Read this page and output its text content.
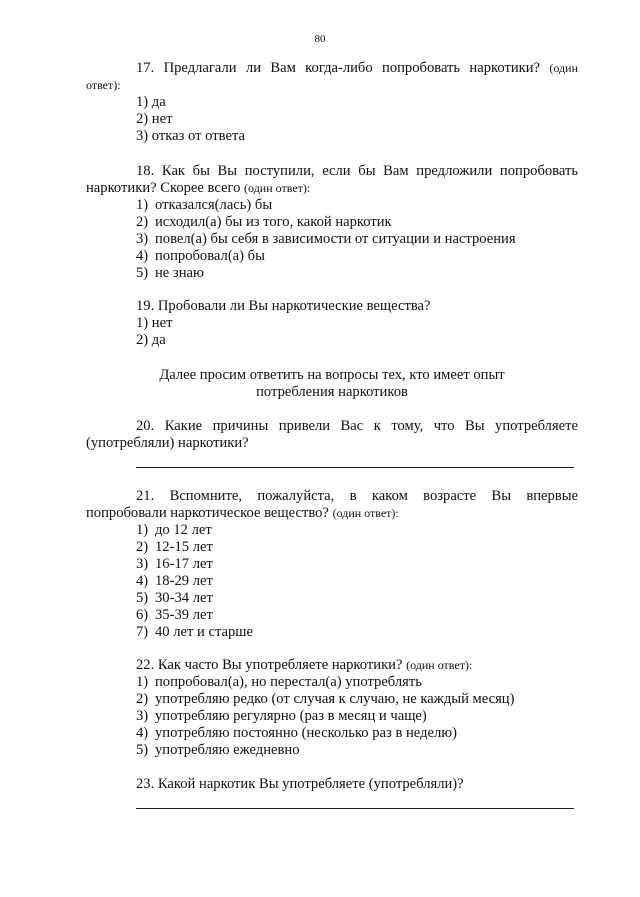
80
17. Предлагали ли Вам когда-либо попробовать наркотики? (один
ответ):
1) да
2) нет
3) отказ от ответа
18. Как бы Вы поступили, если бы Вам предложили попробовать
наркотики? Скорее всего (один ответ):
1) отказался(лась) бы
2) исходил(а) бы из того, какой наркотик
3) повел(а) бы себя в зависимости от ситуации и настроения
4) попробовал(а) бы
5) не знаю
19. Пробовали ли Вы наркотические вещества?
1) нет
2) да
Далее просим ответить на вопросы тех, кто имеет опыт
потребления наркотиков
20. Какие причины привели Вас к тому, что Вы употребляете
(употребляли) наркотики?
21. Вспомните, пожалуйста, в каком возрасте Вы впервые
попробовали наркотическое вещество? (один ответ):
1) до 12 лет
2) 12-15 лет
3) 16-17 лет
4) 18-29 лет
5) 30-34 лет
6) 35-39 лет
7) 40 лет и старше
22. Как часто Вы употребляете наркотики? (один ответ):
1) попробовал(а), но перестал(а) употреблять
2) употребляю редко (от случая к случаю, не каждый месяц)
3) употребляю регулярно (раз в месяц и чаще)
4) употребляю постоянно (несколько раз в неделю)
5) употребляю ежедневно
23. Какой наркотик Вы употребляете (употребляли)?
